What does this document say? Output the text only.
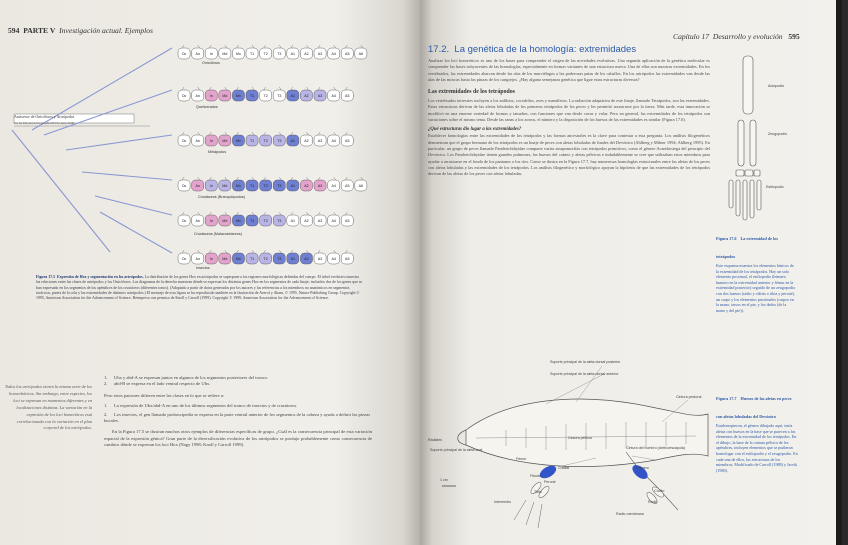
594 PARTE V Investigación actual. Ejemplos
Oc	An	In	Md Mx	T1	T2	T3	A1	A2	A3	A4	A5	A6
Oc	An	In	Md Mx	T1	T2	T3	A1	A2	A3	A4	A5
Oc	An	In	Md Mx	T1	T2	T3	A1	A2	A3	A4	A5
Oc	An	In	Md Mx	T1	T2	T3	A1	A2	A3	A4	A5	A6
Oc	An	In	Md Mx	T1	T2	T3	A1	A2	A3	A4	A5
Oc	An	In	Md Mx	T1	T2	T3	A1	A2	A3	A4	A5
Antecesor de Onicóforos y Artrópodos
Un. ftz Ubx abd-A Scr AntpAbd-B Ubx Antp AbdB
Onicóforos
Quelicerados
Miriápodos
Crustáceos (Branquiópodos)
Crustáceos (Malacostráceos)
Insectos
Figura 17.5 Expresión de Hox y segmentación en los artrópodos. La distribución de los genes Hox en artrópodos se superpone a las regiones morfológicas definidas del cuerpo. El árbol evolutivo muestra las relaciones entre las clases de artrópodos y los Onicóforos. Los diagramas de la derecha muestran dónde se expresan los distintos genes Hox en los segmentos de cada linaje; incluidos dos de los genes que se han expresado en los segmentos de los apéndices de los crustáceos (diferentes tonos). (Adaptado a partir de datos generados por los autores y las referencias a los miembros no anatómicos en segmentos torácicos, partes de la cola y las extremidades de distintos artrópodos.) El mensaje de esta figura se ha reproducido también en la ilustración de Averof y Akam, © 1995, Nature Publishing Group. Copyright © 1995, American Association for the Advancement of Science. Reimpreso con permiso de Knoll y Carroll (1999). Copyright © 1999, American Association for the Advancement of Science.
Todos los artrópodos tienen la misma serie de los homeobóticos. Sin embargo, entre especies, los loci se expresan en momentos diferentes y en localizaciones distintas. La variación en la expresión de los loci homeóticos está correlacionada con la variación en el plan corporal de los artrópodos.
1. Ubx y abd-A se expresan juntos en algunos de los segmentos posteriores del tronco.
2. abd-B se expresa en el lado ventral respecto de Ubx.
Pero estos patrones difieren entre las clases en lo que se refiere a:
1. La expresión de Ubx/abd-A en uno de los últimos segmentos del tronco de insectos y de crustáceos.
2. Los insectos, el gen llamado proboscipedia se expresa en la parte ventral anterior de los segmentos de la cabeza y ayuda a definir las piezas bucales.
En la Figura 17.5 se ilustran muchos otros ejemplos de diferencias específicas de grupo. ¿Cuál es la consecuencia principal de esta variación espacial de la expresión génica? Gran parte de la diversificación evolutiva de los artrópodos se produjo probablemente como consecuencia de cambios dónde se expresan los loci Hox (Nagy 1998; Knoll y Carroll 1999).
Capítulo 17 Desarrollo y evolución 595
17.2. La genética de la homología: extremidades
Analizar los loci homeóticos es uno de los bases para comprender el origen de las novedades evolutivas. Una segunda aplicación de la genética molecular es comprender las bases subyacentes de las homologías, especialmente en formas variantes de una estructura nueva. Una de ellas son nuestras extremidades. En los vertebrados, las extremidades abarcan desde las alas de los murciélagos a las poderosas patas de los caballos. En los artrópodos las extremidades van desde las alas de las moscas hasta las pinzas de los cangrejos. ¿Hay alguna semejanza genética que ligue estas estructuras diversas?
Las extremidades de los tetrápodos
Los vertebrados terrestres incluyen a los anfibios, cocodrilos, aves y mamíferos. La radiación adaptativa de este linaje, llamado Tetrápodos, son las extremidades. Estas estructuras derivan de las aletas lobuladas de los primeros tetrápodos de los peces y les permitió arrastrarse por la tierra. Más tarde, esta innovación se modificó en una enorme variedad de formas y tamaños, con funciones que van desde cavar y volar. Pero en general, las extremidades de los tetrápodos son variaciones sobre el mismo tema. Desde las ranas a los zorros, el número y la disposición de los huesos de las extremidades es similar (Figura 17.6).
¿Qué estructuras dio lugar a las extremidades?
Establecer homologías entre las extremidades de los tetrápodos y las formas ancestrales es la clave para contestar a esta pregunta. Los análisis filogenéticos demuestran que el grupo hermano de los tetrápodos es un linaje de peces con aletas lobuladas de finales del Devónico (Ahlberg y Milner 1994; Ahlberg 1995). En particular, un grupo de peces llamado Panderichthyidae comparte varias sinapomorfías con tetrápodos primitivos, como el género Acanthostega del principio del Devónico. Los Panderichthyidae tienen grandes pulmones, los huesos del cráneo y aletas pélvicas e indudablemente se cree que utilizaban estos miembros para ayudar a arrastrarse en el fondo de los pantanos o los ríos. Como se ilustra en la Figura 17.7, hay numerosas homologías estructurales entre las aletas de los peces con aletas lobuladas y las extremidades de los tetrápodos. Los análisis filogenético y morfológico apoyan la hipótesis de que las extremidades de los tetrápodos derivan de las aletas de los peces con aletas lobuladas.
Autopodio
Zeugopodio
Estilopodio
Figura 17.6 La extremidad de los tetrápodos
Este esquema muestra los elementos básicos de la extremidad de los tetrápodos. Hay un solo elemento proximal, el estilopodio (húmero humero en la extremidad anterior y fémur en la extremidad posterior) seguido de un zeugopodio con dos huesos (radio y cúbito o tibia y peroné), un carpo y los elementos proximales (carpos en la mano, tarsos en el pie, y los dedos (de la mano y del pie)).
Soporte principal de la aleta dorsal posterior
Soporte principal de la aleta dorsal anterior
Cintura pectoral
Radiales
Soporte principal de la aleta anal
Cintura pélvica
Cintura del hombro (cleitro/escápula)
1 cm
Fémur
Cubital
Fibular
Tibia
Peroné
Húmero
Cúbito
Radio
Intermedio
Radio-membrana
Figura 17.7 Huesos de las aletas en peces con aletas lobuladas del Devónico
Eusthenopteron, el género dibujado aquí, tenía aletas con huesos en la base que se parecen a los elementos de la extremidad de los tetrápodos. En el dibujo, la base de la cintura pélvica de los apéndices, incluyen elementos que se pudieran homologar con el estilopodio y el zeugopodio. En cada una de ellos, las estructuras de los miembros. Modificado de Carroll (1988) y Jarvik (1980).
